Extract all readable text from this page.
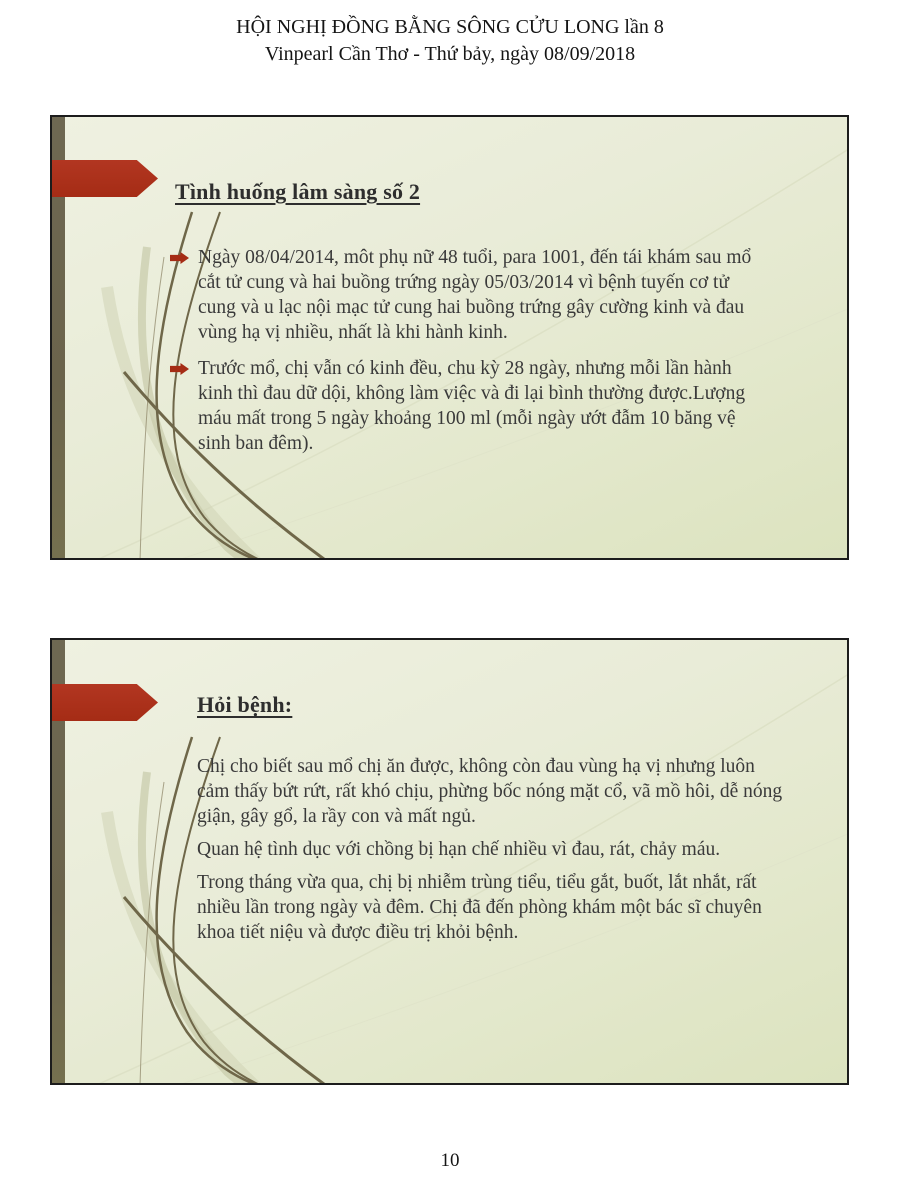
HỘI NGHỊ ĐỒNG BẰNG SÔNG CỬU LONG lần 8
Vinpearl Cần Thơ - Thứ bảy, ngày 08/09/2018
Tình huống lâm sàng số 2
Ngày 08/04/2014, môt phụ nữ 48 tuổi, para 1001, đến tái khám sau mổ cắt tử cung và hai buồng trứng ngày 05/03/2014 vì bệnh tuyến cơ tử cung và u lạc nội mạc tử cung hai buồng trứng gây cường kinh và đau vùng hạ vị nhiều, nhất là khi hành kinh.
Trước mổ, chị vẫn có kinh đều, chu kỳ 28 ngày, nhưng mỗi lần hành kinh thì đau dữ dội, không làm việc và đi lại bình thường được.Lượng máu mất trong 5 ngày khoảng 100 ml (mỗi ngày ướt đẫm 10 băng vệ sinh ban đêm).
Hỏi bệnh:

Chị cho biết sau mổ chị ăn được, không còn đau vùng hạ vị nhưng luôn cảm thấy bứt rứt, rất khó chịu, phừng bốc nóng mặt cổ, vã mồ hôi, dễ nóng giận, gây gổ, la rầy con và mất ngủ.

Quan hệ tình dục với chồng bị hạn chế nhiều vì đau, rát, chảy máu.

Trong tháng vừa qua, chị bị nhiễm trùng tiểu, tiểu gắt, buốt, lắt nhắt, rất nhiều lần trong ngày và đêm. Chị đã đến phòng khám một bác sĩ chuyên khoa tiết niệu và được điều trị khỏi bệnh.

10
